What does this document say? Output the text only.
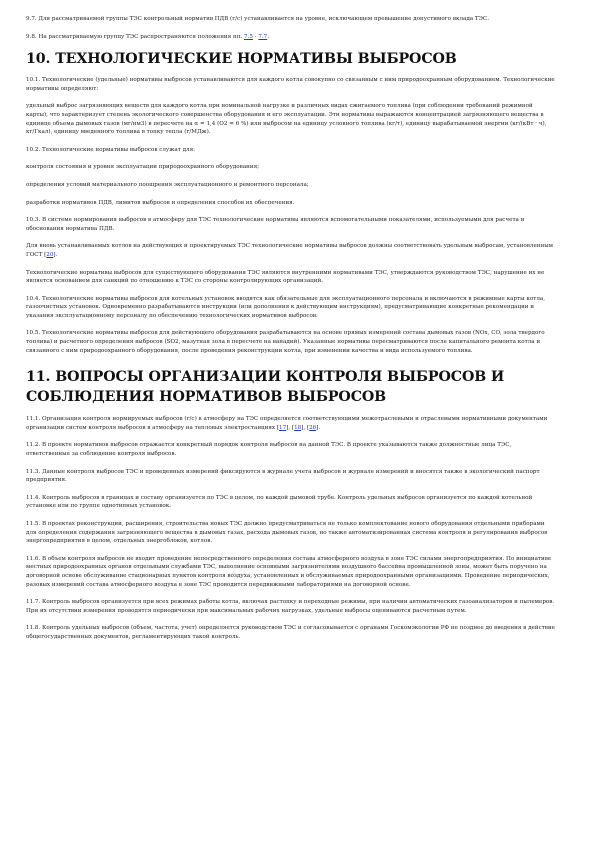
9.7. Для рассматриваемой группы ТЭС контрольный норматив ПДВ (г/с) устанавливается на уровне, исключающем превышение допустимого вклада ТЭС.

9.8. На рассматриваемую группу ТЭС распространяются положения пп. 7.5 - 7.7.

10. ТЕХНОЛОГИЧЕСКИЕ НОРМАТИВЫ ВЫБРОСОВ

10.1. Технологические (удельные) нормативы выбросов устанавливаются для каждого котла совокупно со связанным с ним природоохранным оборудованием. Технологические нормативы определяют:

удельный выброс загрязняющих веществ для каждого котла при номинальной нагрузке и различных видах сжигаемого топлива (при соблюдении требований режимной карты), что характеризует степень экологического совершенства оборудования и его эксплуатации. Эти нормативы выражаются концентрацией загрязняющего вещества в единице объема дымовых газов (мг/нм3) в пересчете на α = 1,4 (O2 = 6 %) или выбросом на единицу условного топлива (кг/т), единицу вырабатываемой энергии (кг/(кВт · ч), кг/Гкал), единицу введенного топлива в топку тепла (г/МДж).

10.2. Технологические нормативы выбросов служат для:

контроля состояния и уровня эксплуатации природоохранного оборудования;

определения условий материального поощрения эксплуатационного и ремонтного персонала;

разработки нормативов ПДВ, лимитов выбросов и определения способов их обеспечения.

10.3. В системе нормирования выбросов в атмосферу для ТЭС технологические нормативы являются вспомогательными показателями, используемыми для расчета и обоснования норматива ПДВ.

Для вновь устанавливаемых котлов на действующих и проектируемых ТЭС технологические нормативы выбросов должны соответствовать удельным выбросам, установленным ГОСТ [20].

Технологические нормативы выбросов для существующего оборудования ТЭС являются внутренними нормативами ТЭС, утверждаются руководством ТЭС, нарушение их не является основанием для санкций по отношению к ТЭС со стороны контролирующих организаций.

10.4. Технологические нормативы выбросов для котельных установок вводятся как обязательные для эксплуатационного персонала и включаются в режимные карты котла, газоочистных установок. Одновременно разрабатываются инструкции (или дополнения к действующим инструкциям), предусматривающие конкретные рекомендации и указания эксплуатационному персоналу по обеспечению технологических нормативов выбросов.

10.5. Технологические нормативы выбросов для действующего оборудования разрабатываются на основе прямых измерений состава дымовых газов (NOx, CO, зола твердого топлива) и расчетного определения выбросов (SO2, мазутная зола в пересчете на ванадий). Указанные нормативы пересматриваются после капитального ремонта котла и связанного с ним природоохранного оборудования, после проведения реконструкции котла, при изменении качества и вида используемого топлива.

11. ВОПРОСЫ ОРГАНИЗАЦИИ КОНТРОЛЯ ВЫБРОСОВ И СОБЛЮДЕНИЯ НОРМАТИВОВ ВЫБРОСОВ

11.1. Организация контроля нормируемых выбросов (г/с) в атмосферу на ТЭС определяется соответствующими межотраслевыми и отраслевыми нормативными документами организации систем контроля выбросов в атмосферу на тепловых электростанциях [17], [18], [26].

11.2. В проекте нормативов выбросов отражается конкретный порядок контроля выбросов на данной ТЭС. В проекте указываются также должностные лица ТЭС, ответственные за соблюдение контроля выбросов.

11.3. Данные контроля выбросов ТЭС и проведенных измерений фиксируются в журнале учета выбросов и журнале измерений и вносятся также в экологический паспорт предприятия.

11.4. Контроль выбросов в границах и составу организуется по ТЭС в целом, по каждой дымовой трубе. Контроль удельных выбросов организуется по каждой котельной установке или по группе однотипных установок.

11.5. В проектах реконструкции, расширения, строительства новых ТЭС должно предусматриваться не только комплектование нового оборудования отдельными приборами для определения содержания загрязняющего вещества в дымовых газах, расхода дымовых газов, но также автоматизированная система контроля и регулирования выбросов энергопредприятия в целом, отдельных энергоблоков, котлов.

11.6. В объем контроля выбросов не входит проведение непосредственного определения состава атмосферного воздуха в зоне ТЭС силами энергопредприятия. По инициативе местных природоохранных органов отдельными службами ТЭС, выполнение основными загрязнителями воздушного бассейна промышленной зоны, может быть поручено на договорной основе обслуживание стационарных пунктов контроля воздуха, установленных и обслуживаемых природоохранными организациями. Проведение периодических, разовых измерений состава атмосферного воздуха в зоне ТЭС проводится передвижными лабораториями на договорной основе.

11.7. Контроль выбросов организуется при всех режимах работы котла, включая растопку и переходные режимы, при наличии автоматических газоанализаторов и пылемеров. При их отсутствии измерения проводятся периодически при максимальных рабочих нагрузках, удельные выбросы оцениваются расчетным путем.

11.8. Контроль удельных выбросов (объем, частота, учет) определяется руководством ТЭС и согласовывается с органами Госкомэкологии РФ не позднее до введения в действие общегосударственных документов, регламентирующих такой контроль.
